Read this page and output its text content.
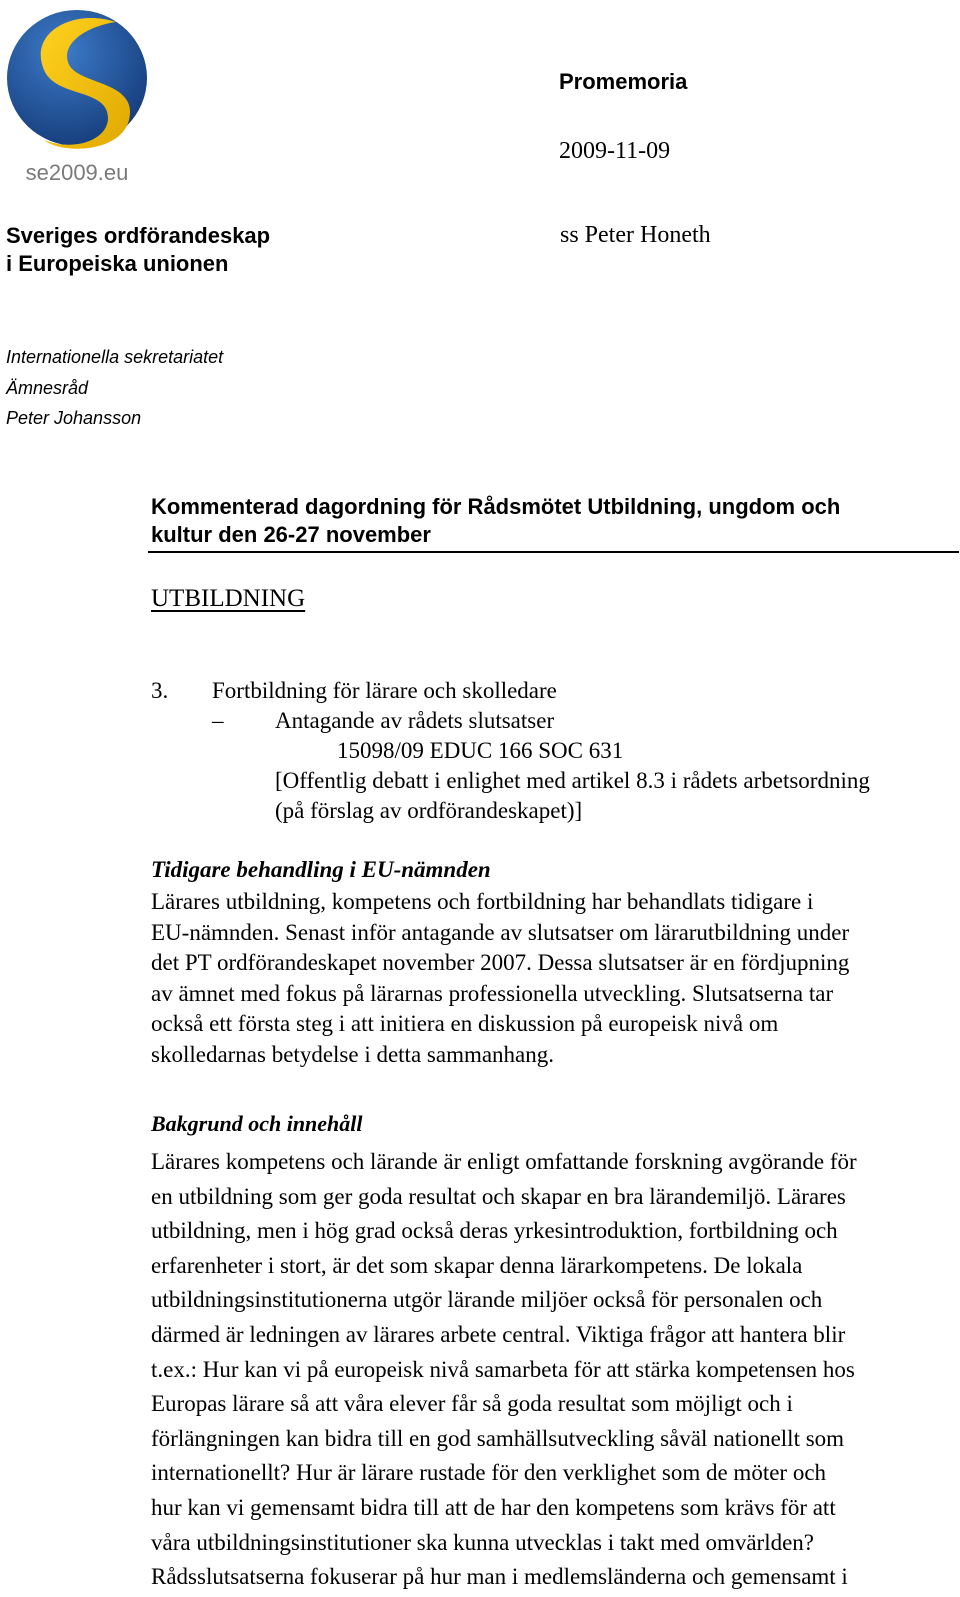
se2009.eu
Promemoria
2009-11-09
Sveriges ordförandeskap
i Europeiska unionen
ss Peter Honeth
Internationella sekretariatet
Ämnesråd
Peter Johansson
Kommenterad dagordning för Rådsmötet Utbildning, ungdom och
kultur den 26-27 november
UTBILDNING
3. Fortbildning för lärare och skolledare
– Antagande av rådets slutsatser
15098/09 EDUC 166 SOC 631
[Offentlig debatt i enlighet med artikel 8.3 i rådets arbetsordning
(på förslag av ordförandeskapet)]
Tidigare behandling i EU-nämnden
Lärares utbildning, kompetens och fortbildning har behandlats tidigare i
EU-nämnden. Senast inför antagande av slutsatser om lärarutbildning under
det PT ordförandeskapet november 2007. Dessa slutsatser är en fördjupning
av ämnet med fokus på lärarnas professionella utveckling. Slutsatserna tar
också ett första steg i att initiera en diskussion på europeisk nivå om
skolledarnas betydelse i detta sammanhang.
Bakgrund och innehåll
Lärares kompetens och lärande är enligt omfattande forskning avgörande för
en utbildning som ger goda resultat och skapar en bra lärandemiljö. Lärares
utbildning, men i hög grad också deras yrkesintroduktion, fortbildning och
erfarenheter i stort, är det som skapar denna lärarkompetens. De lokala
utbildningsinstitutionerna utgör lärande miljöer också för personalen och
därmed är ledningen av lärares arbete central. Viktiga frågor att hantera blir
t.ex.: Hur kan vi på europeisk nivå samarbeta för att stärka kompetensen hos
Europas lärare så att våra elever får så goda resultat som möjligt och i
förlängningen kan bidra till en god samhällsutveckling såväl nationellt som
internationellt? Hur är lärare rustade för den verklighet som de möter och
hur kan vi gemensamt bidra till att de har den kompetens som krävs för att
våra utbildningsinstitutioner ska kunna utvecklas i takt med omvärlden?
Rådsslutsatserna fokuserar på hur man i medlemsländerna och gemensamt i
